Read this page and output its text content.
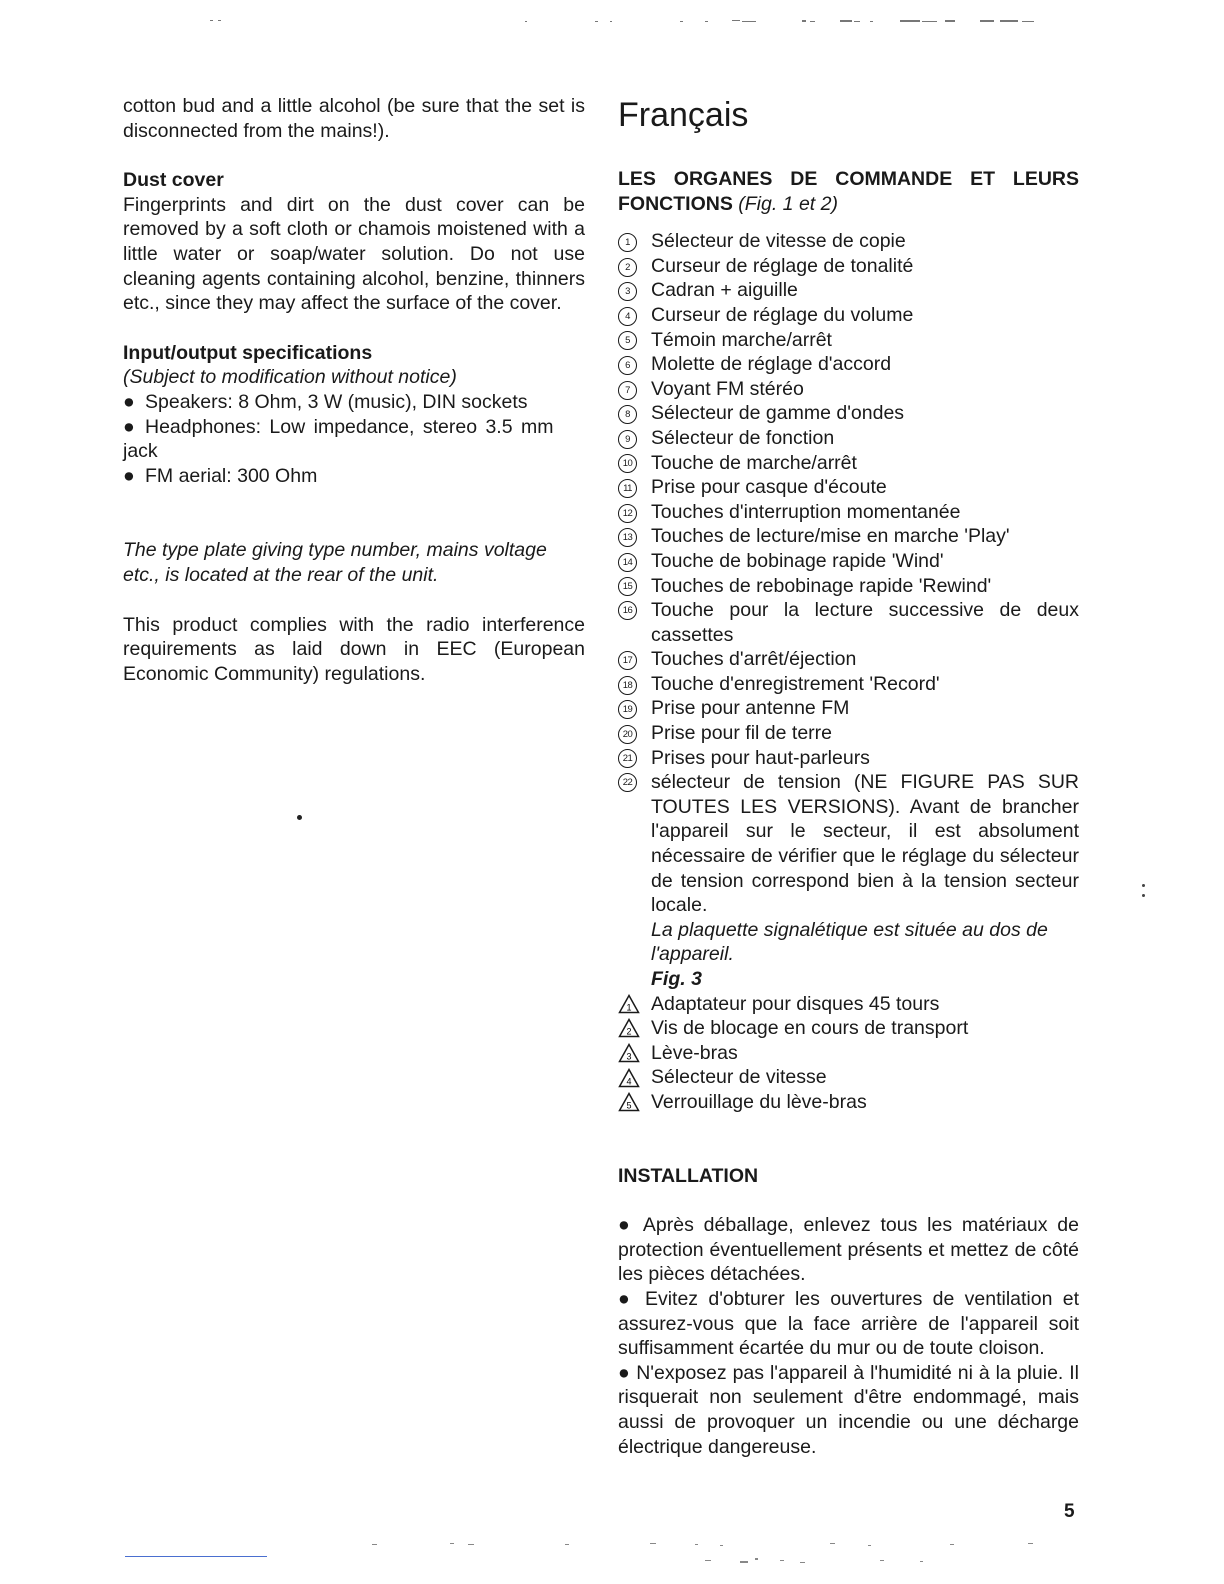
cotton bud and a little alcohol (be sure that the set is disconnected from the mains!).

Dust cover

Fingerprints and dirt on the dust cover can be removed by a soft cloth or chamois moistened with a little water or soap/water solution. Do not use cleaning agents containing alcohol, benzine, thinners etc., since they may affect the surface of the cover.

Input/output specifications

(Subject to modification without notice)

● Speakers: 8 Ohm, 3 W (music), DIN sockets
● Headphones: Low impedance, stereo 3.5 mm jack
● FM aerial: 300 Ohm

The type plate giving type number, mains voltage etc., is located at the rear of the unit.

This product complies with the radio interference requirements as laid down in EEC (European Economic Community) regulations.

Français

LES ORGANES DE COMMANDE ET LEURS FONCTIONS (Fig. 1 et 2)

1	Sélecteur de vitesse de copie
2	Curseur de réglage de tonalité
3	Cadran + aiguille
4	Curseur de réglage du volume
5	Témoin marche/arrêt
6	Molette de réglage d'accord
7	Voyant FM stéréo
8	Sélecteur de gamme d'ondes
9	Sélecteur de fonction
10 Touche de marche/arrêt
11 Prise pour casque d'écoute
12 Touches d'interruption momentanée
13 Touches de lecture/mise en marche 'Play'
14 Touche de bobinage rapide 'Wind'
15 Touches de rebobinage rapide 'Rewind'
16 Touche pour la lecture successive de deux cassettes
17 Touches d'arrêt/éjection
18 Touche d'enregistrement 'Record'
19 Prise pour antenne FM
20 Prise pour fil de terre
21 Prises pour haut-parleurs
22 sélecteur de tension (NE FIGURE PAS SUR TOUTES LES VERSIONS). Avant de brancher l'appareil sur le secteur, il est absolument nécessaire de vérifier que le réglage du sélecteur de tension correspond bien à la tension secteur locale.

La plaquette signalétique est située au dos de l'appareil.

Fig. 3

1 Adaptateur pour disques 45 tours
2 Vis de blocage en cours de transport
3 Lève-bras
4 Sélecteur de vitesse
5 Verrouillage du lève-bras

INSTALLATION

● Après déballage, enlevez tous les matériaux de protection éventuellement présents et mettez de côté les pièces détachées.

● Evitez d'obturer les ouvertures de ventilation et assurez-vous que la face arrière de l'appareil soit suffisamment écartée du mur ou de toute cloison.

● N'exposez pas l'appareil à l'humidité ni à la pluie. Il risquerait non seulement d'être endommagé, mais aussi de provoquer un incendie ou une décharge électrique dangereuse.

5
